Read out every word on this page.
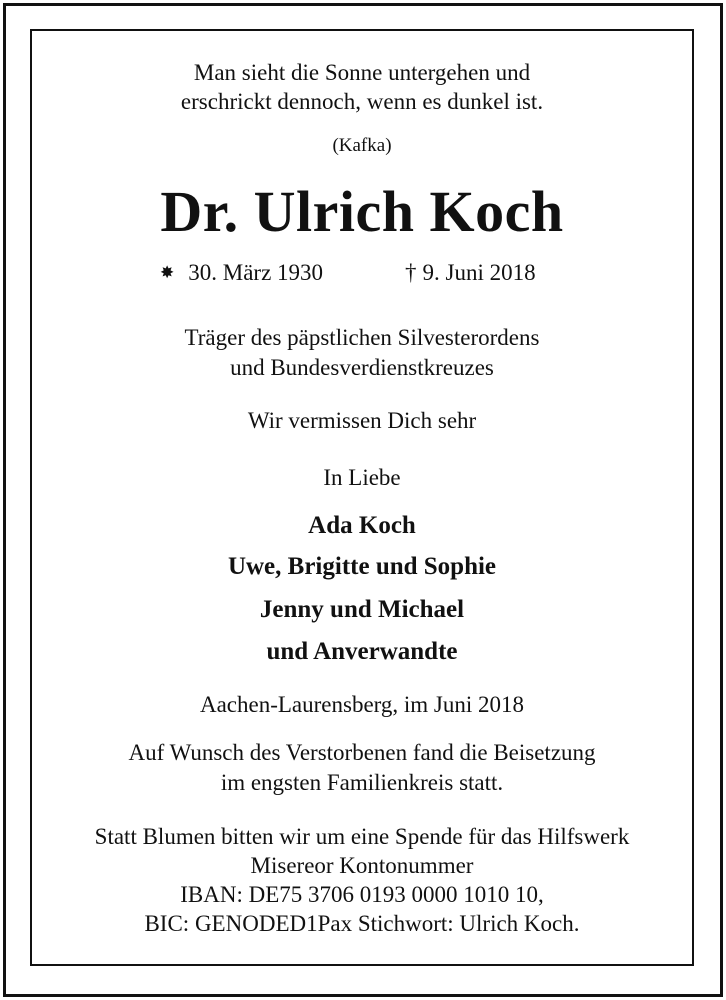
Man sieht die Sonne untergehen und
erschrickt dennoch, wenn es dunkel ist.
(Kafka)
Dr. Ulrich Koch
✸ 30. März 1930	† 9. Juni 2018
Träger des päpstlichen Silvesterordens
und Bundesverdienstkreuzes
Wir vermissen Dich sehr
In Liebe
Ada Koch
Uwe, Brigitte und Sophie
Jenny und Michael
und Anverwandte
Aachen-Laurensberg, im Juni 2018
Auf Wunsch des Verstorbenen fand die Beisetzung
im engsten Familienkreis statt.
Statt Blumen bitten wir um eine Spende für das Hilfswerk
Misereor Kontonummer
IBAN: DE75 3706 0193 0000 1010 10,
BIC: GENODED1Pax Stichwort: Ulrich Koch.
